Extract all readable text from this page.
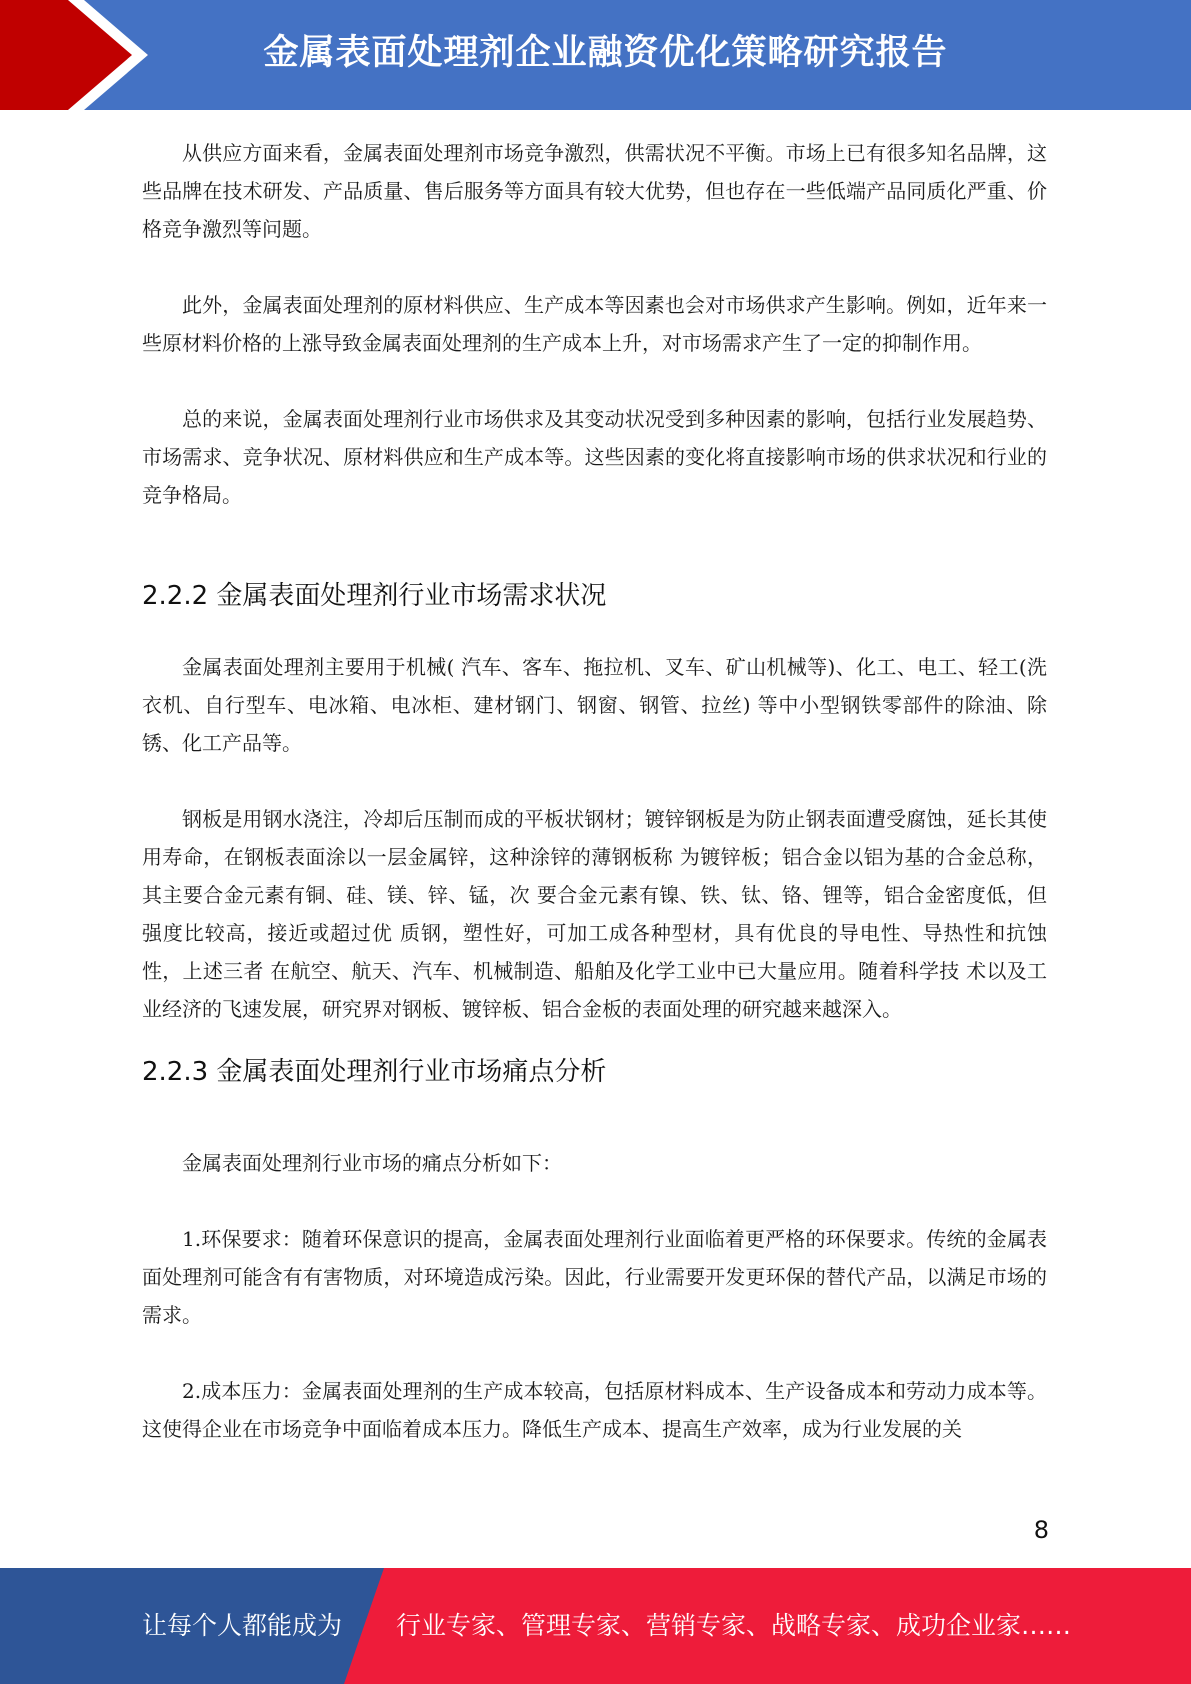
金属表面处理剂企业融资优化策略研究报告

从供应方面来看，金属表面处理剂市场竞争激烈，供需状况不平衡。市场上已有很多知名品牌，这些品牌在技术研发、产品质量、售后服务等方面具有较大优势，但也存在一些低端产品同质化严重、价格竞争激烈等问题。

此外，金属表面处理剂的原材料供应、生产成本等因素也会对市场供求产生影响。例如，近年来一些原材料价格的上涨导致金属表面处理剂的生产成本上升，对市场需求产生了一定的抑制作用。

总的来说，金属表面处理剂行业市场供求及其变动状况受到多种因素的影响，包括行业发展趋势、市场需求、竞争状况、原材料供应和生产成本等。这些因素的变化将直接影响市场的供求状况和行业的竞争格局。

2.2.2 金属表面处理剂行业市场需求状况

金属表面处理剂主要用于机械( 汽车、客车、拖拉机、叉车、矿山机械等)、化工、电工、轻工(洗衣机、自行型车、电冰箱、电冰柜、建材钢门、钢窗、钢管、拉丝) 等中小型钢铁零部件的除油、除锈、化工产品等。

钢板是用钢水浇注，冷却后压制而成的平板状钢材；镀锌钢板是为防止钢表面遭受腐蚀，延长其使用寿命，在钢板表面涂以一层金属锌，这种涂锌的薄钢板称 为镀锌板；铝合金以铝为基的合金总称，其主要合金元素有铜、硅、镁、锌、锰，次 要合金元素有镍、铁、钛、铬、锂等，铝合金密度低，但强度比较高，接近或超过优 质钢，塑性好，可加工成各种型材，具有优良的导电性、导热性和抗蚀性，上述三者 在航空、航天、汽车、机械制造、船舶及化学工业中已大量应用。随着科学技 术以及工业经济的飞速发展，研究界对钢板、镀锌板、铝合金板的表面处理的研究越来越深入。

2.2.3 金属表面处理剂行业市场痛点分析

金属表面处理剂行业市场的痛点分析如下：

1.环保要求：随着环保意识的提高，金属表面处理剂行业面临着更严格的环保要求。传统的金属表面处理剂可能含有有害物质，对环境造成污染。因此，行业需要开发更环保的替代产品，以满足市场的需求。

2.成本压力：金属表面处理剂的生产成本较高，包括原材料成本、生产设备成本和劳动力成本等。这使得企业在市场竞争中面临着成本压力。降低生产成本、提高生产效率，成为行业发展的关

8
让每个人都能成为 行业专家、管理专家、营销专家、战略专家、成功企业家……
